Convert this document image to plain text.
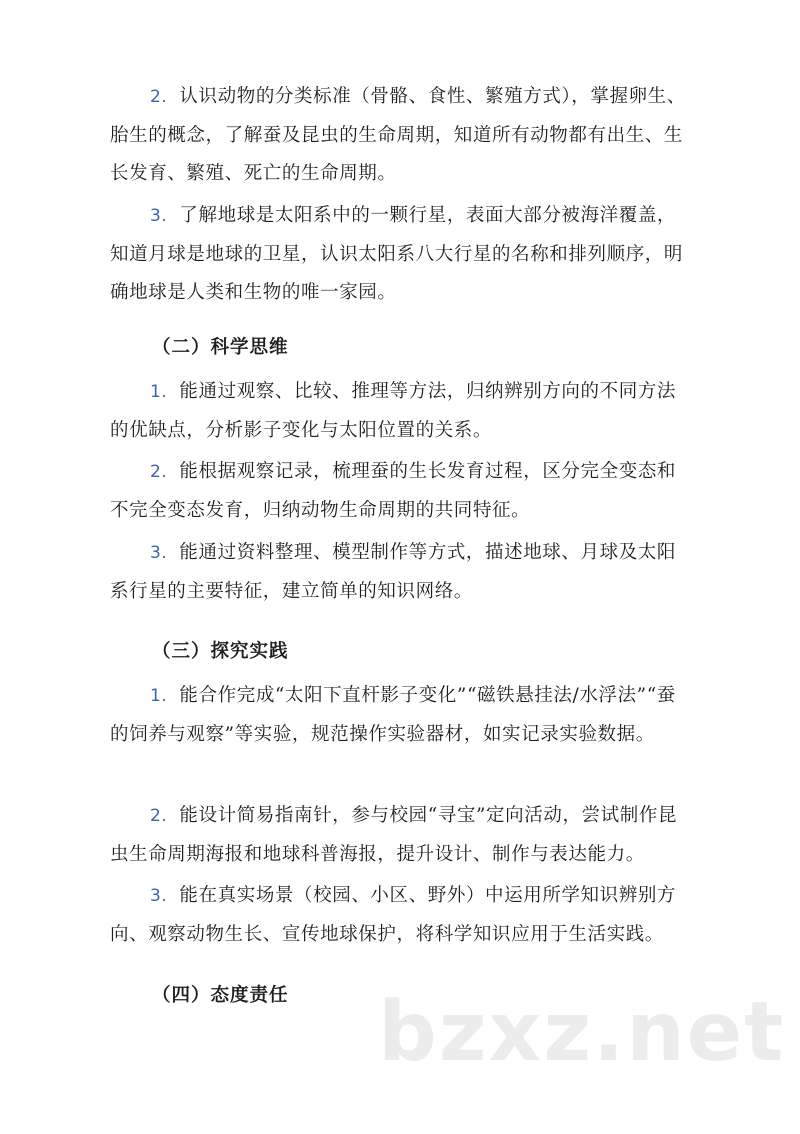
2. 认识动物的分类标准（骨骼、食性、繁殖方式），掌握卵生、胎生的概念，了解蚕及昆虫的生命周期，知道所有动物都有出生、生长发育、繁殖、死亡的生命周期。

3. 了解地球是太阳系中的一颗行星，表面大部分被海洋覆盖，知道月球是地球的卫星，认识太阳系八大行星的名称和排列顺序，明确地球是人类和生物的唯一家园。

（二）科学思维

1. 能通过观察、比较、推理等方法，归纳辨别方向的不同方法的优缺点，分析影子变化与太阳位置的关系。

2. 能根据观察记录，梳理蚕的生长发育过程，区分完全变态和不完全变态发育，归纳动物生命周期的共同特征。

3. 能通过资料整理、模型制作等方式，描述地球、月球及太阳系行星的主要特征，建立简单的知识网络。

（三）探究实践

1. 能合作完成“太阳下直杆影子变化”“磁铁悬挂法/水浮法”“蚕的饲养与观察”等实验，规范操作实验器材，如实记录实验数据。

2. 能设计简易指南针，参与校园“寻宝”定向活动，尝试制作昆虫生命周期海报和地球科普海报，提升设计、制作与表达能力。

3. 能在真实场景（校园、小区、野外）中运用所学知识辨别方向、观察动物生长、宣传地球保护，将科学知识应用于生活实践。

（四）态度责任 bzxz.net
